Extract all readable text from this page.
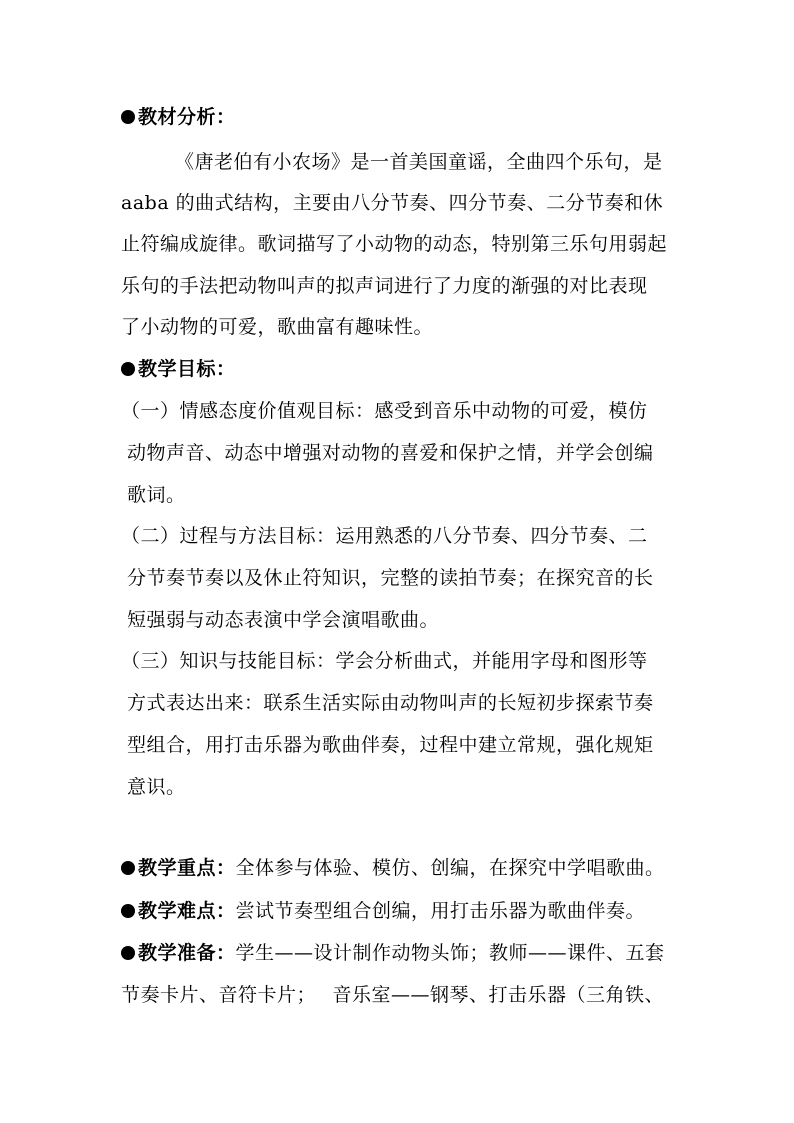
教材分析：
《唐老伯有小农场》是一首美国童谣，全曲四个乐句，是
aaba 的曲式结构，主要由八分节奏、四分节奏、二分节奏和休
止符编成旋律。歌词描写了小动物的动态，特别第三乐句用弱起
乐句的手法把动物叫声的拟声词进行了力度的渐强的对比表现
了小动物的可爱，歌曲富有趣味性。
教学目标：
（一）情感态度价值观目标：感受到音乐中动物的可爱，模仿
动物声音、动态中增强对动物的喜爱和保护之情，并学会创编
歌词。
（二）过程与方法目标：运用熟悉的八分节奏、四分节奏、二
分节奏节奏以及休止符知识，完整的读拍节奏；在探究音的长
短强弱与动态表演中学会演唱歌曲。
（三）知识与技能目标：学会分析曲式，并能用字母和图形等
方式表达出来：联系生活实际由动物叫声的长短初步探索节奏
型组合，用打击乐器为歌曲伴奏，过程中建立常规，强化规矩
意识。
教学重点：全体参与体验、模仿、创编，在探究中学唱歌曲。
教学难点：尝试节奏型组合创编，用打击乐器为歌曲伴奏。
教学准备：学生——设计制作动物头饰；教师——课件、五套
节奏卡片、音符卡片；　 音乐室——钢琴、打击乐器（三角铁、
